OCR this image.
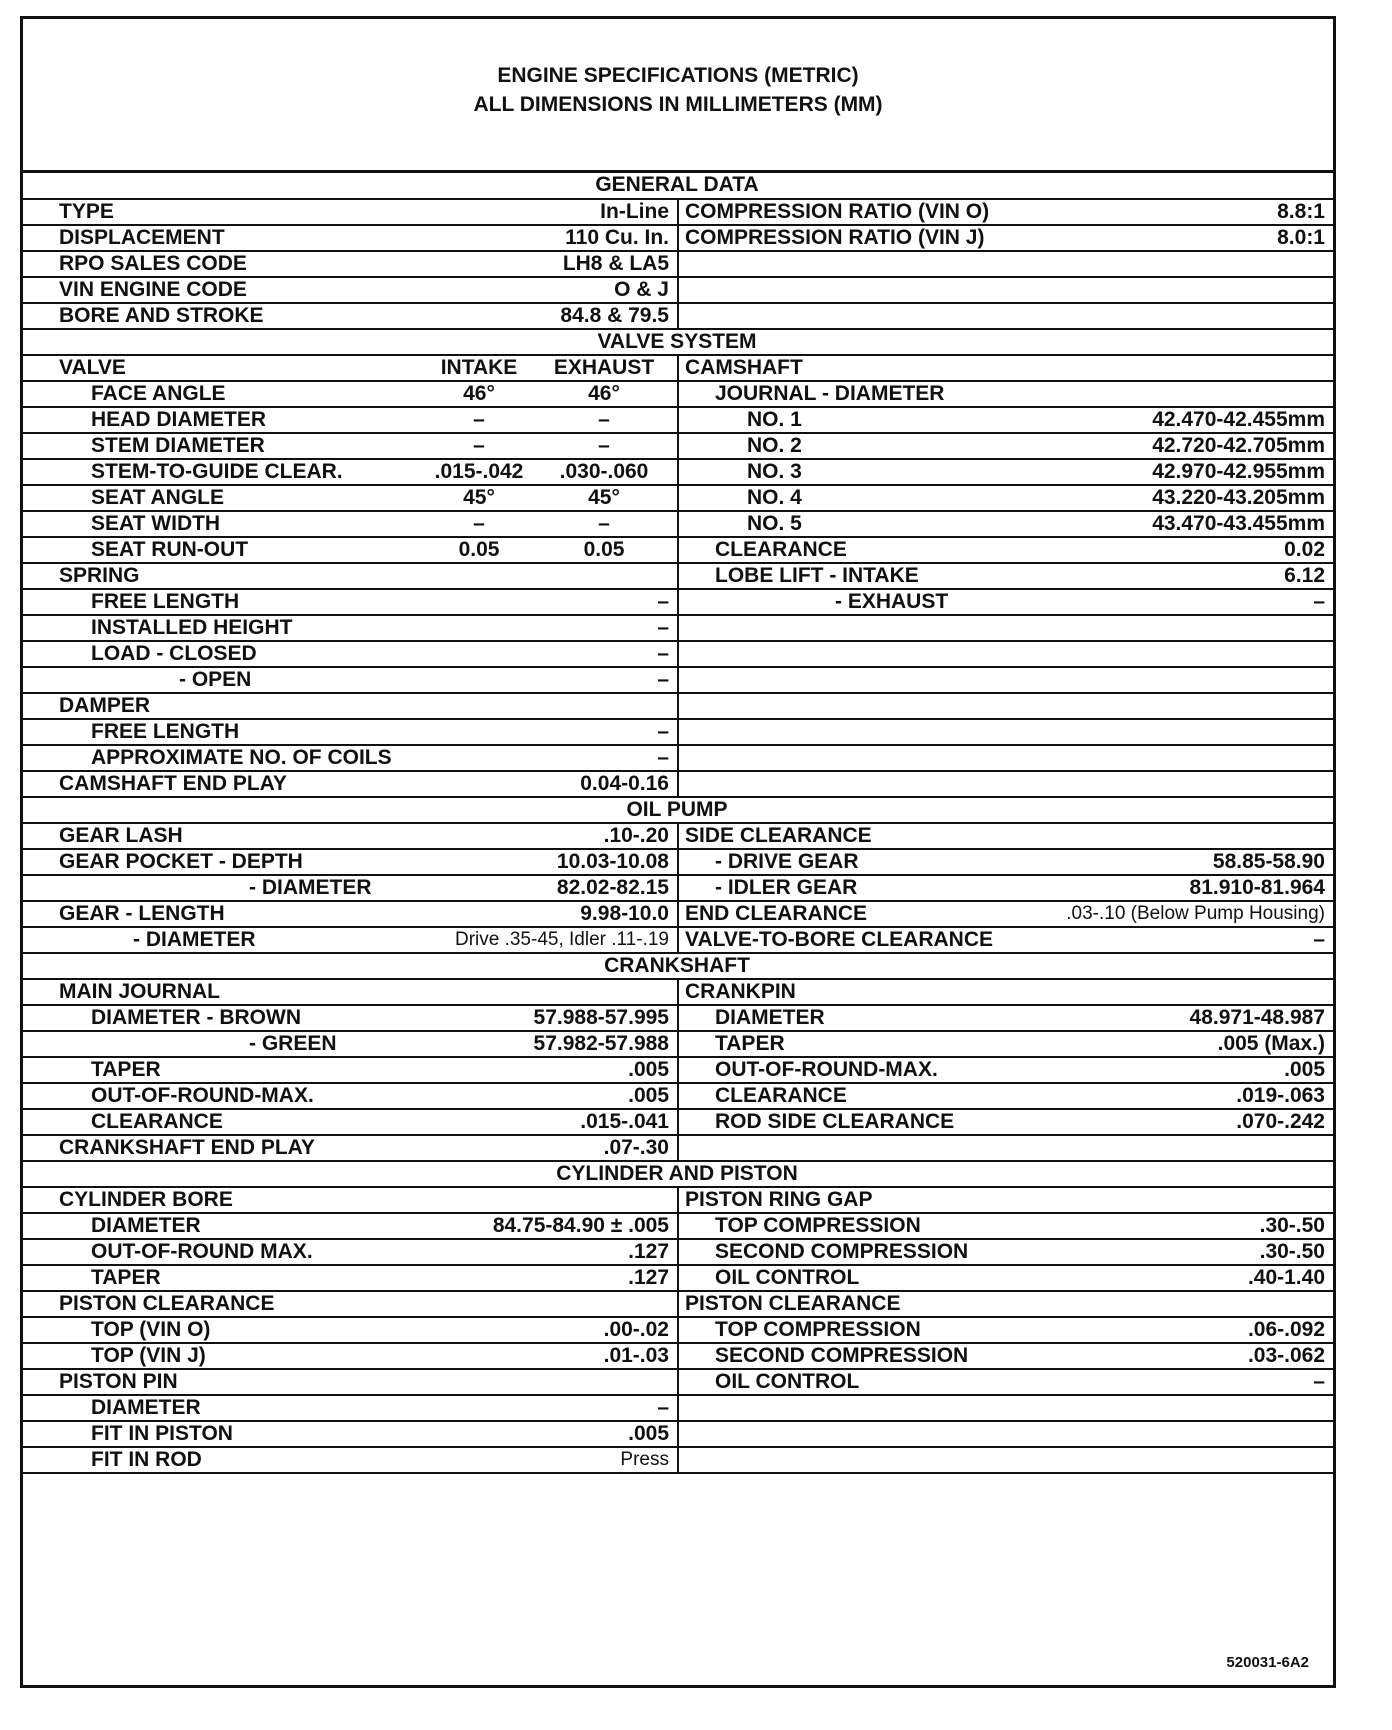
ENGINE SPECIFICATIONS (METRIC)
ALL DIMENSIONS IN MILLIMETERS (MM)
GENERAL DATA	

TYPE In-Line	COMPRESSION RATIO (VIN O) 8.8:1

DISPLACEMENT 110 Cu. In.	COMPRESSION RATIO (VIN J) 8.0:1

RPO SALES CODE LH8 & LA5	

VIN ENGINE CODE O & J	

BORE AND STROKE 84.8 & 79.5	

VALVE SYSTEM	

VALVE INTAKE EXHAUST	CAMSHAFT

FACE ANGLE 46° 46°	JOURNAL - DIAMETER

HEAD DIAMETER – –	NO. 1 42.470-42.455mm

STEM DIAMETER – –	NO. 2 42.720-42.705mm

STEM-TO-GUIDE CLEAR. .015-.042 .030-.060	NO. 3 42.970-42.955mm

SEAT ANGLE 45° 45°	NO. 4 43.220-43.205mm

SEAT WIDTH – –	NO. 5 43.470-43.455mm

SEAT RUN-OUT 0.05 0.05	CLEARANCE 0.02

SPRING	LOBE LIFT - INTAKE 6.12

FREE LENGTH –	- EXHAUST –

INSTALLED HEIGHT –	

LOAD - CLOSED –	

- OPEN –	

DAMPER	

FREE LENGTH –	

APPROXIMATE NO. OF COILS –	

CAMSHAFT END PLAY 0.04-0.16	

OIL PUMP	

GEAR LASH .10-.20	SIDE CLEARANCE

GEAR POCKET - DEPTH 10.03-10.08	- DRIVE GEAR 58.85-58.90

- DIAMETER 82.02-82.15	- IDLER GEAR 81.910-81.964

GEAR - LENGTH 9.98-10.0	END CLEARANCE .03-.10 (Below Pump Housing)

- DIAMETER Drive .35-45, Idler .11-.19	VALVE-TO-BORE CLEARANCE –

CRANKSHAFT	

MAIN JOURNAL	CRANKPIN

DIAMETER - BROWN 57.988-57.995	DIAMETER 48.971-48.987

- GREEN 57.982-57.988	TAPER .005 (Max.)

TAPER .005	OUT-OF-ROUND-MAX. .005

OUT-OF-ROUND-MAX. .005	CLEARANCE .019-.063

CLEARANCE .015-.041	ROD SIDE CLEARANCE .070-.242

CRANKSHAFT END PLAY .07-.30	

CYLINDER AND PISTON	

CYLINDER BORE	PISTON RING GAP

DIAMETER 84.75-84.90 ± .005	TOP COMPRESSION .30-.50

OUT-OF-ROUND MAX. .127	SECOND COMPRESSION .30-.50

TAPER .127	OIL CONTROL .40-1.40

PISTON CLEARANCE	PISTON CLEARANCE

TOP (VIN O) .00-.02	TOP COMPRESSION .06-.092

TOP (VIN J) .01-.03	SECOND COMPRESSION .03-.062

PISTON PIN	OIL CONTROL –

DIAMETER –	

FIT IN PISTON .005	

FIT IN ROD Press	

520031-6A2
